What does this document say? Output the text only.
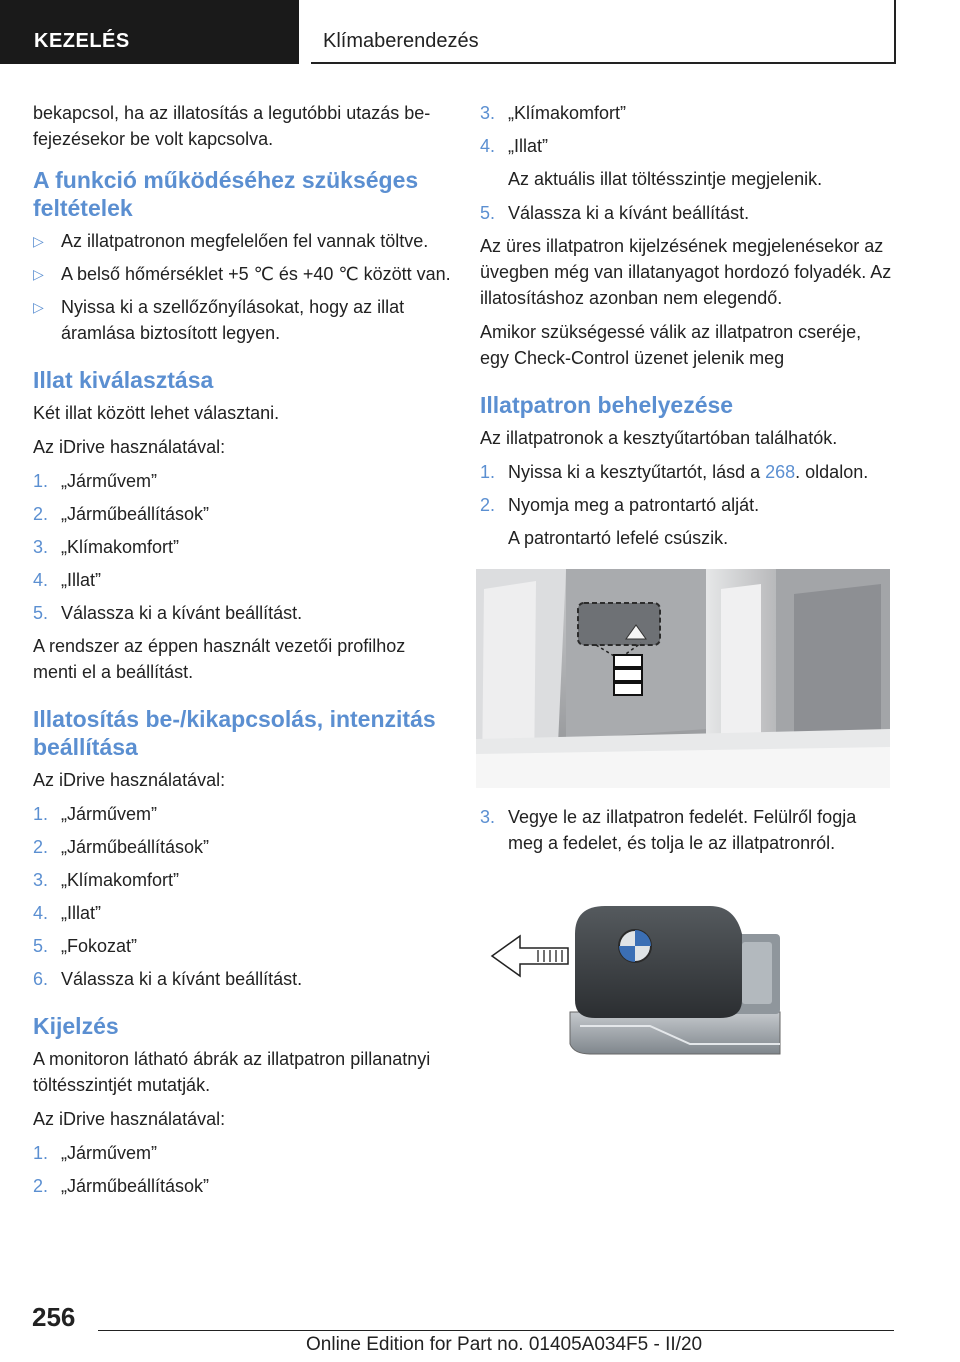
KEZELÉS	Klímaberendezés

bekapcsol, ha az illatosítás a legutóbbi utazás befejezésekor be volt kapcsolva.

A funkció működéséhez szükséges feltételek
▷ Az illatpatronon megfelelően fel vannak töltve.
▷ A belső hőmérséklet +5 ℃ és +40 ℃ között van.
▷ Nyissa ki a szellőzőnyílásokat, hogy az illat áramlása biztosított legyen.
Illat kiválasztása

Két illat között lehet választani.

Az iDrive használatával:

1. „Járművem”
2. „Járműbeállítások”
3. „Klímakomfort”
4. „Illat”
5. Válassza ki a kívánt beállítást.

A rendszer az éppen használt vezetői profilhoz menti el a beállítást.

Illatosítás be-/kikapcsolás, intenzitás beállítása

Az iDrive használatával:

1. „Járművem”
2. „Járműbeállítások”
3. „Klímakomfort”
4. „Illat”
5. „Fokozat”
6. Válassza ki a kívánt beállítást.
Kijelzés

A monitoron látható ábrák az illatpatron pillanatnyi töltésszintjét mutatják.

Az iDrive használatával:

1. „Járművem”
2. „Járműbeállítások”
3. „Klímakomfort”
4. „Illat”
Az aktuális illat töltésszintje megjelenik.
5. Válassza ki a kívánt beállítást.

Az üres illatpatron kijelzésének megjelenésekor az üvegben még van illatanyagot hordozó folyadék. Az illatosításhoz azonban nem elegendő.

Amikor szükségessé válik az illatpatron cseréje, egy Check-Control üzenet jelenik meg

Illatpatron behelyezése

Az illatpatronok a kesztyűtartóban találhatók.

1. Nyissa ki a kesztyűtartót, lásd a 268. oldalon.
2. Nyomja meg a patrontartó alját.
A patrontartó lefelé csúszik.
3. Vegye le az illatpatron fedelét. Felülről fogja meg a fedelet, és tolja le az illatpatronról.
256
Online Edition for Part no. 01405A034F5 - II/20
